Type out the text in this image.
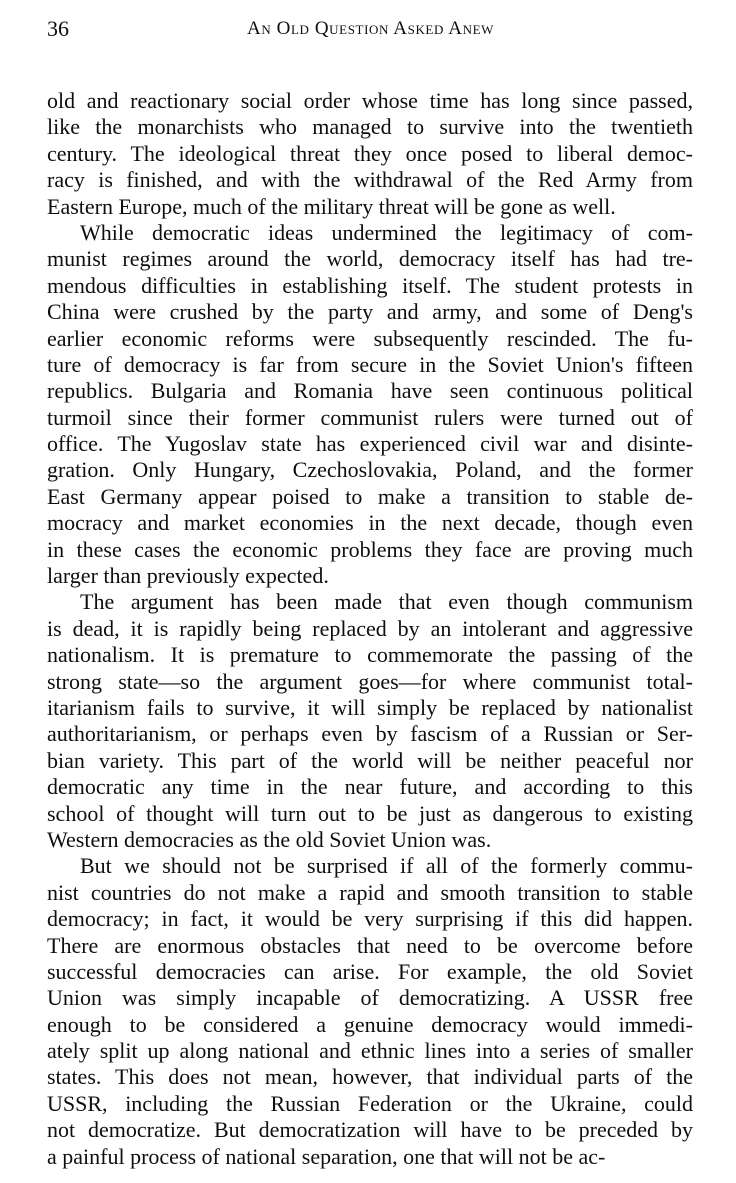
36	An Old Question Asked Anew
old and reactionary social order whose time has long since passed,
like the monarchists who managed to survive into the twentieth
century. The ideological threat they once posed to liberal democ-
racy is finished, and with the withdrawal of the Red Army from
Eastern Europe, much of the military threat will be gone as well.
While democratic ideas undermined the legitimacy of com-
munist regimes around the world, democracy itself has had tre-
mendous difficulties in establishing itself. The student protests in
China were crushed by the party and army, and some of Deng's
earlier economic reforms were subsequently rescinded. The fu-
ture of democracy is far from secure in the Soviet Union's fifteen
republics. Bulgaria and Romania have seen continuous political
turmoil since their former communist rulers were turned out of
office. The Yugoslav state has experienced civil war and disinte-
gration. Only Hungary, Czechoslovakia, Poland, and the former
East Germany appear poised to make a transition to stable de-
mocracy and market economies in the next decade, though even
in these cases the economic problems they face are proving much
larger than previously expected.
The argument has been made that even though communism
is dead, it is rapidly being replaced by an intolerant and aggressive
nationalism. It is premature to commemorate the passing of the
strong state—so the argument goes—for where communist total-
itarianism fails to survive, it will simply be replaced by nationalist
authoritarianism, or perhaps even by fascism of a Russian or Ser-
bian variety. This part of the world will be neither peaceful nor
democratic any time in the near future, and according to this
school of thought will turn out to be just as dangerous to existing
Western democracies as the old Soviet Union was.
But we should not be surprised if all of the formerly commu-
nist countries do not make a rapid and smooth transition to stable
democracy; in fact, it would be very surprising if this did happen.
There are enormous obstacles that need to be overcome before
successful democracies can arise. For example, the old Soviet
Union was simply incapable of democratizing. A USSR free
enough to be considered a genuine democracy would immedi-
ately split up along national and ethnic lines into a series of smaller
states. This does not mean, however, that individual parts of the
USSR, including the Russian Federation or the Ukraine, could
not democratize. But democratization will have to be preceded by
a painful process of national separation, one that will not be ac-
